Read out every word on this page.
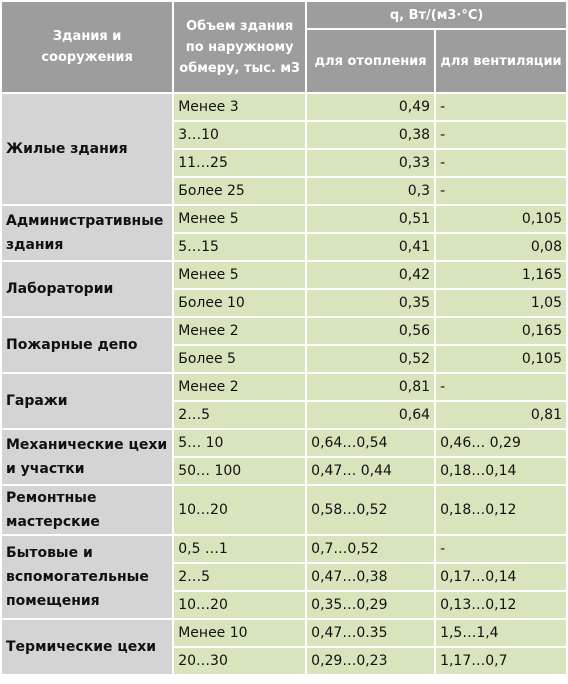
Здания и сооружения	Объем здания по наружному обмеру, тыс. м3	q, Вт/(м3·°С)	
		для отопления	для вентиляции
Жилые здания	Менее 3	0,49	-
	3…10	0,38	-
	11…25	0,33	-
	Более 25	0,3	-
Административные здания	Менее 5	0,51	0,105
	5…15	0,41	0,08
Лаборатории	Менее 5	0,42	1,165
	Более 10	0,35	1,05
Пожарные депо	Менее 2	0,56	0,165
	Более 5	0,52	0,105
Гаражи	Менее 2	0,81	-
	2…5	0,64	0,81
Механические цехи и участки	5… 10	0,64…0,54	0,46… 0,29
	50… 100	0,47… 0,44	0,18…0,14
Ремонтные мастерские	10…20	0,58…0,52	0,18…0,12
Бытовые и вспомогательные помещения	0,5 …1	0,7…0,52	-
	2…5	0,47…0,38	0,17…0,14
	10…20	0,35…0,29	0,13…0,12
Термические цехи	Менее 10	0,47…0.35	1,5…1,4
	20…30	0,29…0,23	1,17…0,7
